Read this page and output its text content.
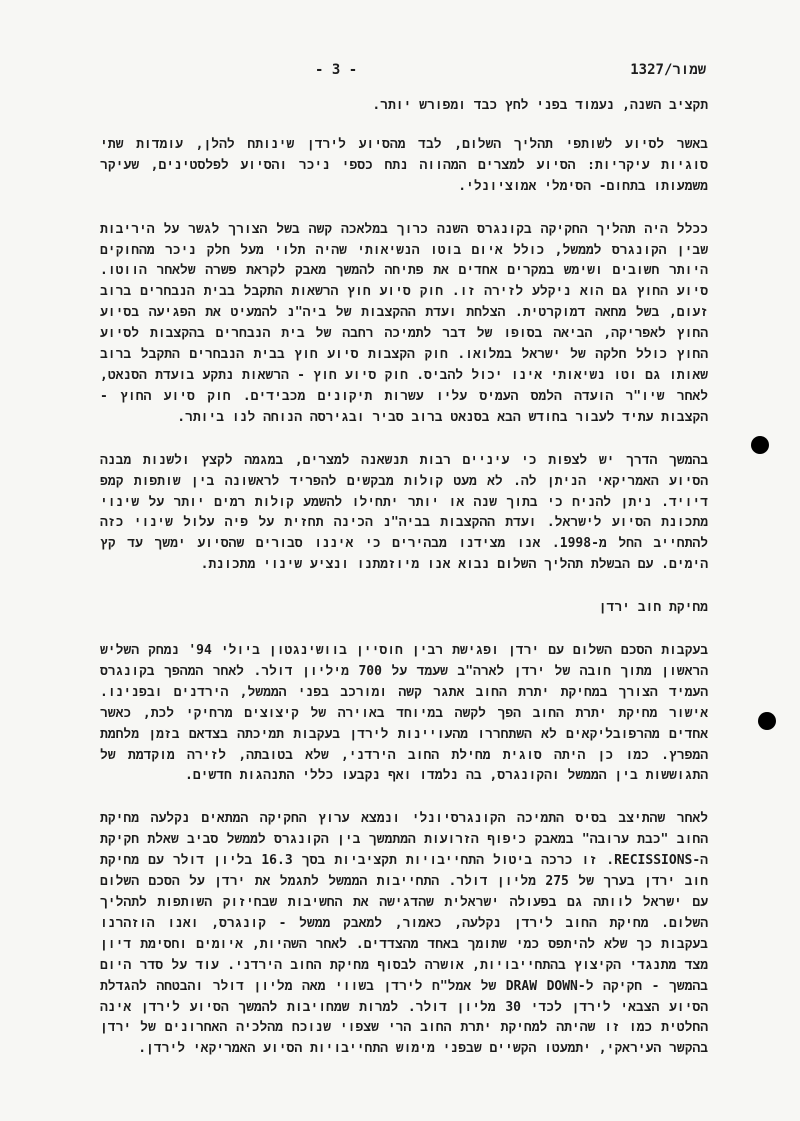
1327/שמור
- 3 -

תקציב השנה, נעמוד בפני לחץ כבד ומפורש יותר.

באשר לסיוע לשותפי תהליך השלום, לבד מהסיוע לירדן שינותח להלן, עומדות שתי סוגיות עיקריות: הסיוע למצרים המהווה נתח כספי ניכר והסיוע לפלסטינים, שעיקר משמעותו בתחום- הסימלי אמוציונלי.

ככלל היה תהליך החקיקה בקונגרס השנה כרוך במלאכה קשה בשל הצורך לגשר על היריבות שבין הקונגרס לממשל, כולל איום בוטו הנשיאותי שהיה תלוי מעל חלק ניכר מהחוקים היותר חשובים ושימש במקרים אחדים את פתיחה להמשך מאבק לקראת פשרה שלאחר הווטו. סיוע החוץ גם הוא ניקלע לזירה זו. חוק סיוע חוץ הרשאות התקבל בבית הנבחרים ברוב זעום, בשל מחאה דמוקרטית. הצלחת ועדת ההקצבות של ביה"נ להמעיט את הפגיעה בסיוע החוץ לאפריקה, הביאה בסופו של דבר לתמיכה רחבה של בית הנבחרים בהקצבות לסיוע החוץ כולל חלקה של ישראל במלואו. חוק הקצבות סיוע חוץ בבית הנבחרים התקבל ברוב שאותו גם וטו נשיאותי אינו יכול להביס. חוק סיוע חוץ - הרשאות נתקע בועדת הסנאט, לאחר שיו"ר הועדה הלמס העמיס עליו עשרות תיקונים מכבידים. חוק סיוע החוץ - הקצבות עתיד לעבור בחודש הבא בסנאט ברוב סביר ובגירסה הנוחה לנו ביותר.

בהמשך הדרך יש לצפות כי עיניים רבות תנשאנה למצרים, במגמה לקצץ ולשנות מבנה הסיוע האמריקאי הניתן לה. לא מעט קולות מבקשים להפריד לראשונה בין שותפות קמפ דיויד. ניתן להניח כי בתוך שנה או יותר יתחילו להשמע קולות רמים יותר על שינוי מתכונת הסיוע לישראל. ועדת ההקצבות בביה"נ הכינה תחזית על פיה עלול שינוי כזה להתחייב החל מ-1998. אנו מצידנו מבהירים כי איננו סבורים שהסיוע ימשך עד קץ הימים. עם הבשלת תהליך השלום נבוא אנו מיוזמתנו ונציע שינוי מתכונת.

מחיקת חוב ירדן

בעקבות הסכם השלום עם ירדן ופגישת רבין חוסיין בוושינגטון ביולי 94' נמחק השליש הראשון מתוך חובה של ירדן לארה"ב שעמד על 700 מיליון דולר. לאחר המהפך בקונגרס העמיד הצורך במחיקת יתרת החוב אתגר קשה ומורכב בפני הממשל, הירדנים ובפנינו. אישור מחיקת יתרת החוב הפך לקשה במיוחד באוירה של קיצוצים מרחיקי לכת, כאשר אחדים מהרפובליקאים לא השתחררו מהעויינות לירדן בעקבות תמיכתה בצדאם בזמן מלחמת המפרץ. כמו כן היתה סוגית מחילת החוב הירדני, שלא בטובתה, לזירה מוקדמת של התגוששות בין הממשל והקונגרס, בה נלמדו ואף נקבעו כללי התנהגות חדשים.

לאחר שהתיצב בסיס התמיכה הקונגרסיונלי ונמצא ערוץ החקיקה המתאים נקלעה מחיקת החוב "כבת ערובה" במאבק כיפוף הזרועות המתמשך בין הקונגרס לממשל סביב שאלת חקיקת ה-RECISSIONS. זו כרכה ביטול התחייבויות תקציביות בסך 16.3 בליון דולר עם מחיקת חוב ירדן בערך של 275 מליון דולר. התחייבות הממשל לתגמל את ירדן על הסכם השלום עם ישראל לוותה גם בפעולה ישראלית שהדגישה את החשיבות שבחיזוק השותפות לתהליך השלום. מחיקת החוב לירדן נקלעה, כאמור, למאבק ממשל - קונגרס, ואנו הוזהרנו בעקבות כך שלא להיתפס כמי שתומך באחד מהצדדים. לאחר השהיות, איומים וחסימת דיון מצד מתנגדי הקיצוץ בהתחייבויות, אושרה לבסוף מחיקת החוב הירדני. עוד על סדר היום בהמשך - חקיקה ל-DRAW DOWN של אמל"ח לירדן בשווי מאה מליון דולר והבטחה להגדלת הסיוע הצבאי לירדן לכדי 30 מליון דולר. למרות שמחויבות להמשך הסיוע לירדן אינה החלטית כמו זו שהיתה למחיקת יתרת החוב הרי שצפוי שנוכח מהלכיה האחרונים של ירדן בהקשר העיראקי, יתמעטו הקשיים שבפני מימוש התחייבויות הסיוע האמריקאי לירדן.
